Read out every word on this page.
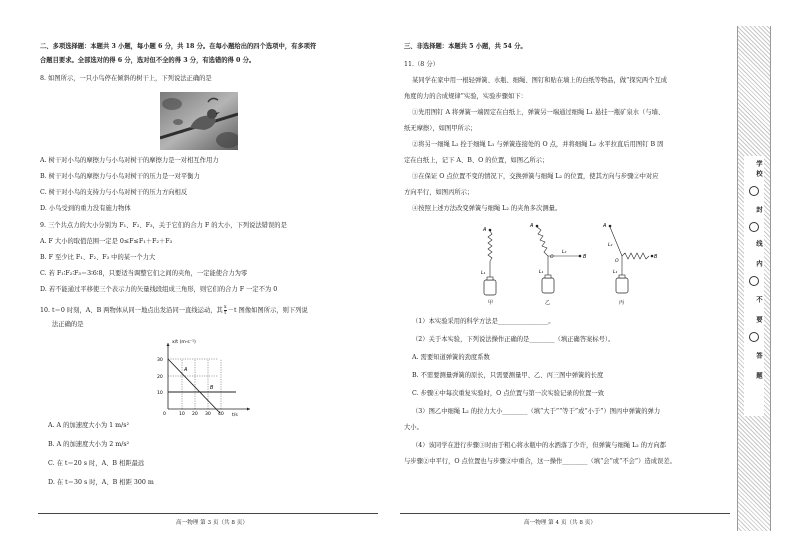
二、多项选择题：本题共 3 小题，每小题 6 分，共 18 分。在每小题给出的四个选项中，有多项符
合题目要求。全部选对的得 6 分，选对但不全的得 3 分，有选错的得 0 分。
8. 如图所示，一只小鸟停在倾斜的树干上，下列说法正确的是
A. 树干对小鸟的摩擦力与小鸟对树干的摩擦力是一对相互作用力
B. 树干对小鸟的摩擦力与小鸟对树干的压力是一对平衡力
C. 树干对小鸟的支持力与小鸟对树干的压力方向相反
D. 小鸟受到的重力没有施力物体
9. 三个共点力的大小分别为 F₁、F₂、F₃，关于它们的合力 F 的大小，下列说法错误的是
A. F 大小的取值范围一定是 0≤F≤F₁＋F₂＋F₃
B. F 至少比 F₁、F₂、F₃ 中的某一个力大
C. 若 F₁∶F₂∶F₃＝3∶6∶8，只要适当调整它们之间的夹角，一定能使合力为零
D. 若不能通过平移使三个表示力的矢量线段组成三角形，则它们的合力 F 一定不为 0
10. t＝0 时刻，A、B 两物体从同一地点出发沿同一直线运动，其 $\frac{x}{t} -t$ 图像如图所示，则下列说
法正确的是
x/t (m·s⁻¹)
t/s
30
20
10
0	10 20 30 40
A
B
A. A 的加速度大小为 1 m/s²
B. A 的加速度大小为 2 m/s²
C. 在 t＝20 s 时，A、B 相距最远
D. 在 t＝30 s 时，A、B 相距 300 m
高一物理 第 3 页（共 8 页）
三、非选择题：本题共 5 小题，共 54 分。
11.（8 分）
某同学在家中用一根轻弹簧、水瓶、细绳、图钉和贴在墙上的白纸等物品，做“探究两个互成
角度的力的合成规律”实验，实验步骤如下：
①先用图钉 A 将弹簧一端固定在白纸上，弹簧另一端通过细绳 L₁ 悬挂一瓶矿泉水（与墙、
纸无摩擦），如图甲所示；
②将另一细绳 L₂ 拴于细绳 L₁ 与弹簧连接处的 O 点，并将细绳 L₂ 水平拉直后用图钉 B 固
定在白纸上，记下 A、B、O 的位置，如图乙所示；
③在保证 O 点位置不变的情况下，交换弹簧与细绳 L₂ 的位置，使其方向与步骤②中对应
方向平行，如图丙所示；
④按照上述方法改变弹簧与细绳 L₂ 的夹角多次测量。
A
L₁
甲
A
O	B
L₂
L₁
乙
A
L₂
O
B
L₁
丙
（1）本实验采用的科学方法是________________。
（2）关于本实验，下列说法操作正确的是________（填正确答案标号）。
A. 需要知道弹簧的劲度系数
B. 不需要测量弹簧的原长，只需要测量甲、乙、丙三图中弹簧的长度
C. 步骤④中每次重复实验时，O 点位置与第一次实验记录的位置一致
（3）图乙中细绳 L₂ 的拉力大小________（填“大于”“等于”或“小于”）图丙中弹簧的弹力
大小。
（4）该同学在进行步骤③时由于粗心将水瓶中的水洒落了少许，但弹簧与细绳 L₂ 的方向都
与步骤②中平行，O 点位置也与步骤②中重合，这一操作________（填“会”或“不会”）造成误差。
高一物理 第 4 页（共 8 页）
学
校
封
线
内
不
要
答
题
